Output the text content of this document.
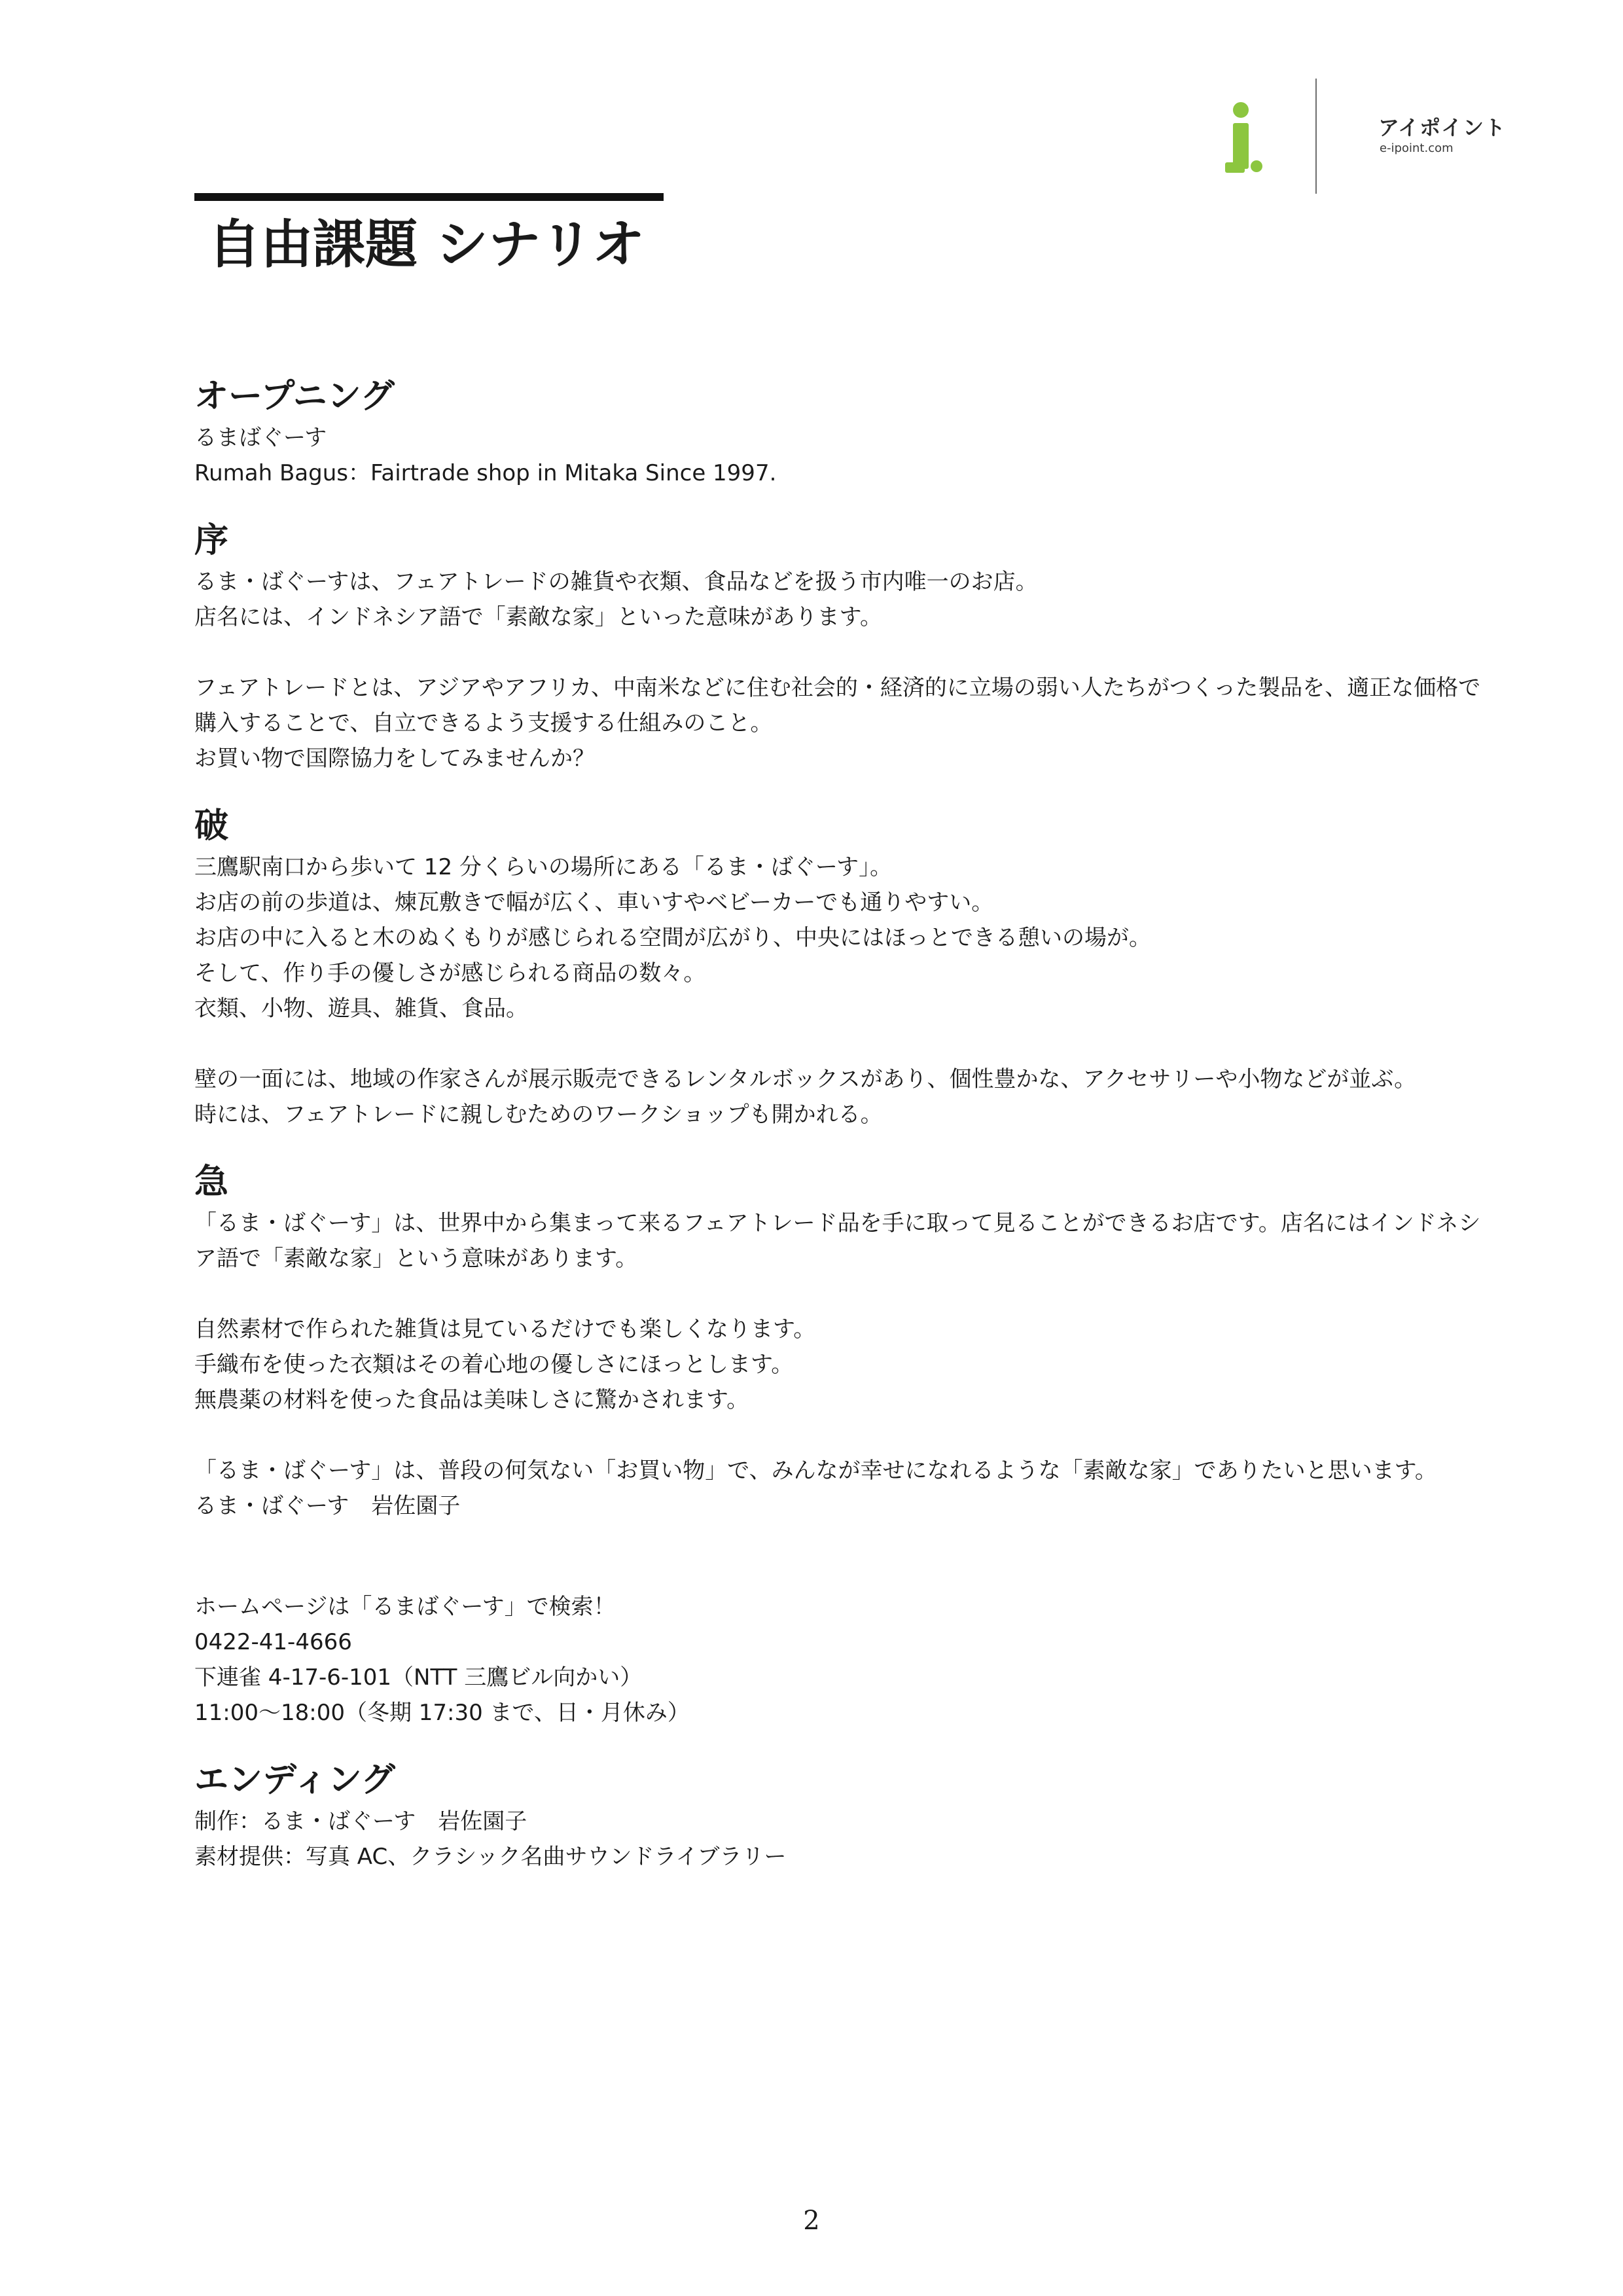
アイポイント
e-ipoint.com
自由課題 シナリオ
オープニング

るまばぐーす

Rumah Bagus：Fairtrade shop in Mitaka Since 1997.

序

るま・ばぐーすは、フェアトレードの雑貨や衣類、食品などを扱う市内唯一のお店。

店名には、インドネシア語で「素敵な家」といった意味があります。

フェアトレードとは、アジアやアフリカ、中南米などに住む社会的・経済的に立場の弱い人たちがつくった製品を、適正な価格で

購入することで、自立できるよう支援する仕組みのこと。

お買い物で国際協力をしてみませんか？

破

三鷹駅南口から歩いて 12 分くらいの場所にある「るま・ばぐーす」。

お店の前の歩道は、煉瓦敷きで幅が広く、車いすやベビーカーでも通りやすい。

お店の中に入ると木のぬくもりが感じられる空間が広がり、中央にはほっとできる憩いの場が。

そして、作り手の優しさが感じられる商品の数々。

衣類、小物、遊具、雑貨、食品。

壁の一面には、地域の作家さんが展示販売できるレンタルボックスがあり、個性豊かな、アクセサリーや小物などが並ぶ。

時には、フェアトレードに親しむためのワークショップも開かれる。

急

「るま・ばぐーす」は、世界中から集まって来るフェアトレード品を手に取って見ることができるお店です。店名にはインドネシ

ア語で「素敵な家」という意味があります。

自然素材で作られた雑貨は見ているだけでも楽しくなります。

手織布を使った衣類はその着心地の優しさにほっとします。

無農薬の材料を使った食品は美味しさに驚かされます。

「るま・ばぐーす」は、普段の何気ない「お買い物」で、みんなが幸せになれるような「素敵な家」でありたいと思います。

るま・ばぐーす　岩佐園子

ホームページは「るまばぐーす」で検索！

0422-41-4666

下連雀 4-17-6-101（NTT 三鷹ビル向かい）

11:00〜18:00（冬期 17:30 まで、日・月休み）

エンディング

制作：るま・ばぐーす　岩佐園子

素材提供：写真 AC、クラシック名曲サウンドライブラリー

2
